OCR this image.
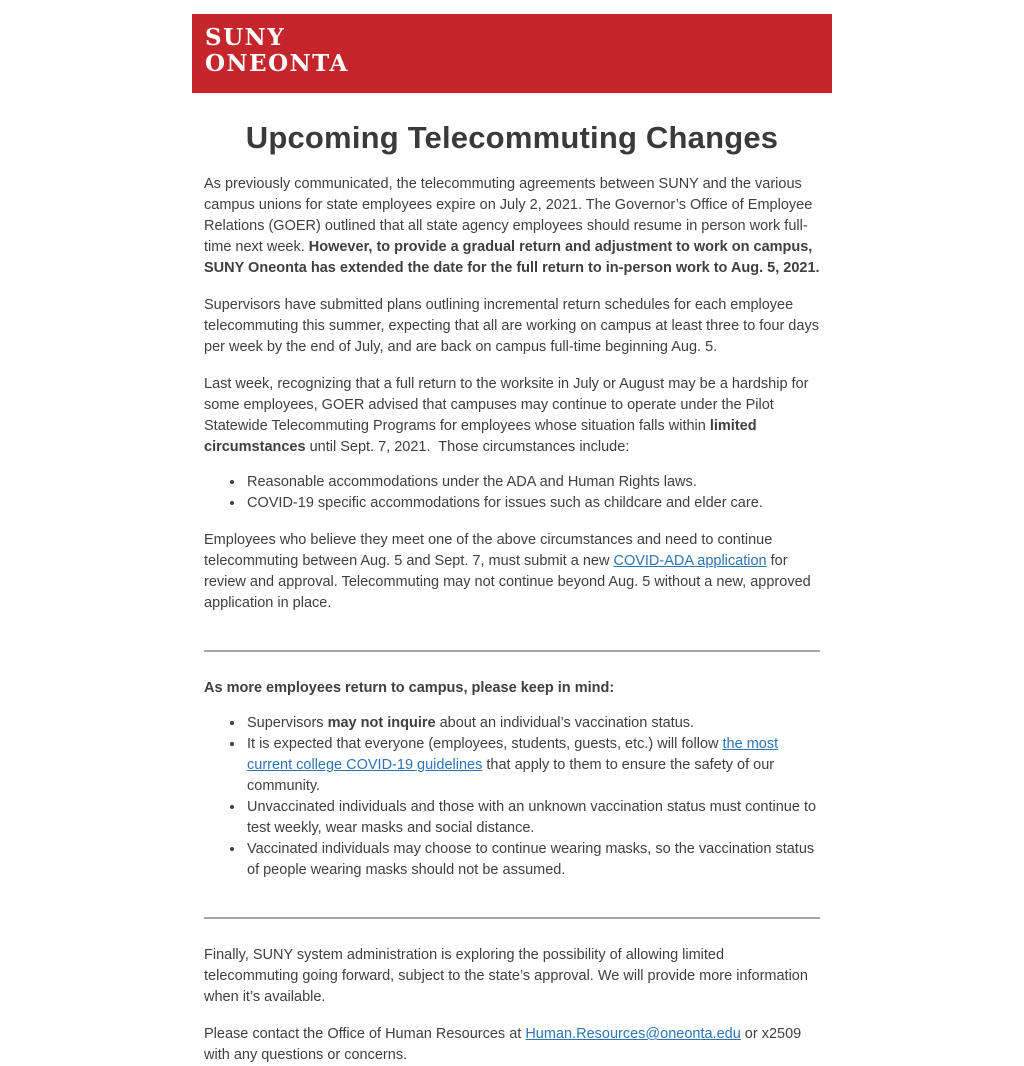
SUNY
ONEONTA
Upcoming Telecommuting Changes

As previously communicated, the telecommuting agreements between SUNY and the various campus unions for state employees expire on July 2, 2021. The Governor’s Office of Employee Relations (GOER) outlined that all state agency employees should resume in person work full-time next week. However, to provide a gradual return and adjustment to work on campus, SUNY Oneonta has extended the date for the full return to in-person work to Aug. 5, 2021.

Supervisors have submitted plans outlining incremental return schedules for each employee telecommuting this summer, expecting that all are working on campus at least three to four days per week by the end of July, and are back on campus full-time beginning Aug. 5.

Last week, recognizing that a full return to the worksite in July or August may be a hardship for some employees, GOER advised that campuses may continue to operate under the Pilot Statewide Telecommuting Programs for employees whose situation falls within limited circumstances until Sept. 7, 2021.  Those circumstances include:

• Reasonable accommodations under the ADA and Human Rights laws.
• COVID-19 specific accommodations for issues such as childcare and elder care.

Employees who believe they meet one of the above circumstances and need to continue telecommuting between Aug. 5 and Sept. 7, must submit a new COVID-ADA application for review and approval. Telecommuting may not continue beyond Aug. 5 without a new, approved application in place.

As more employees return to campus, please keep in mind:

• Supervisors may not inquire about an individual’s vaccination status.
• It is expected that everyone (employees, students, guests, etc.) will follow the most current college COVID-19 guidelines that apply to them to ensure the safety of our community.
• Unvaccinated individuals and those with an unknown vaccination status must continue to test weekly, wear masks and social distance.
• Vaccinated individuals may choose to continue wearing masks, so the vaccination status of people wearing masks should not be assumed.

Finally, SUNY system administration is exploring the possibility of allowing limited telecommuting going forward, subject to the state’s approval. We will provide more information when it’s available.

Please contact the Office of Human Resources at Human.Resources@oneonta.edu or x2509 with any questions or concerns.
